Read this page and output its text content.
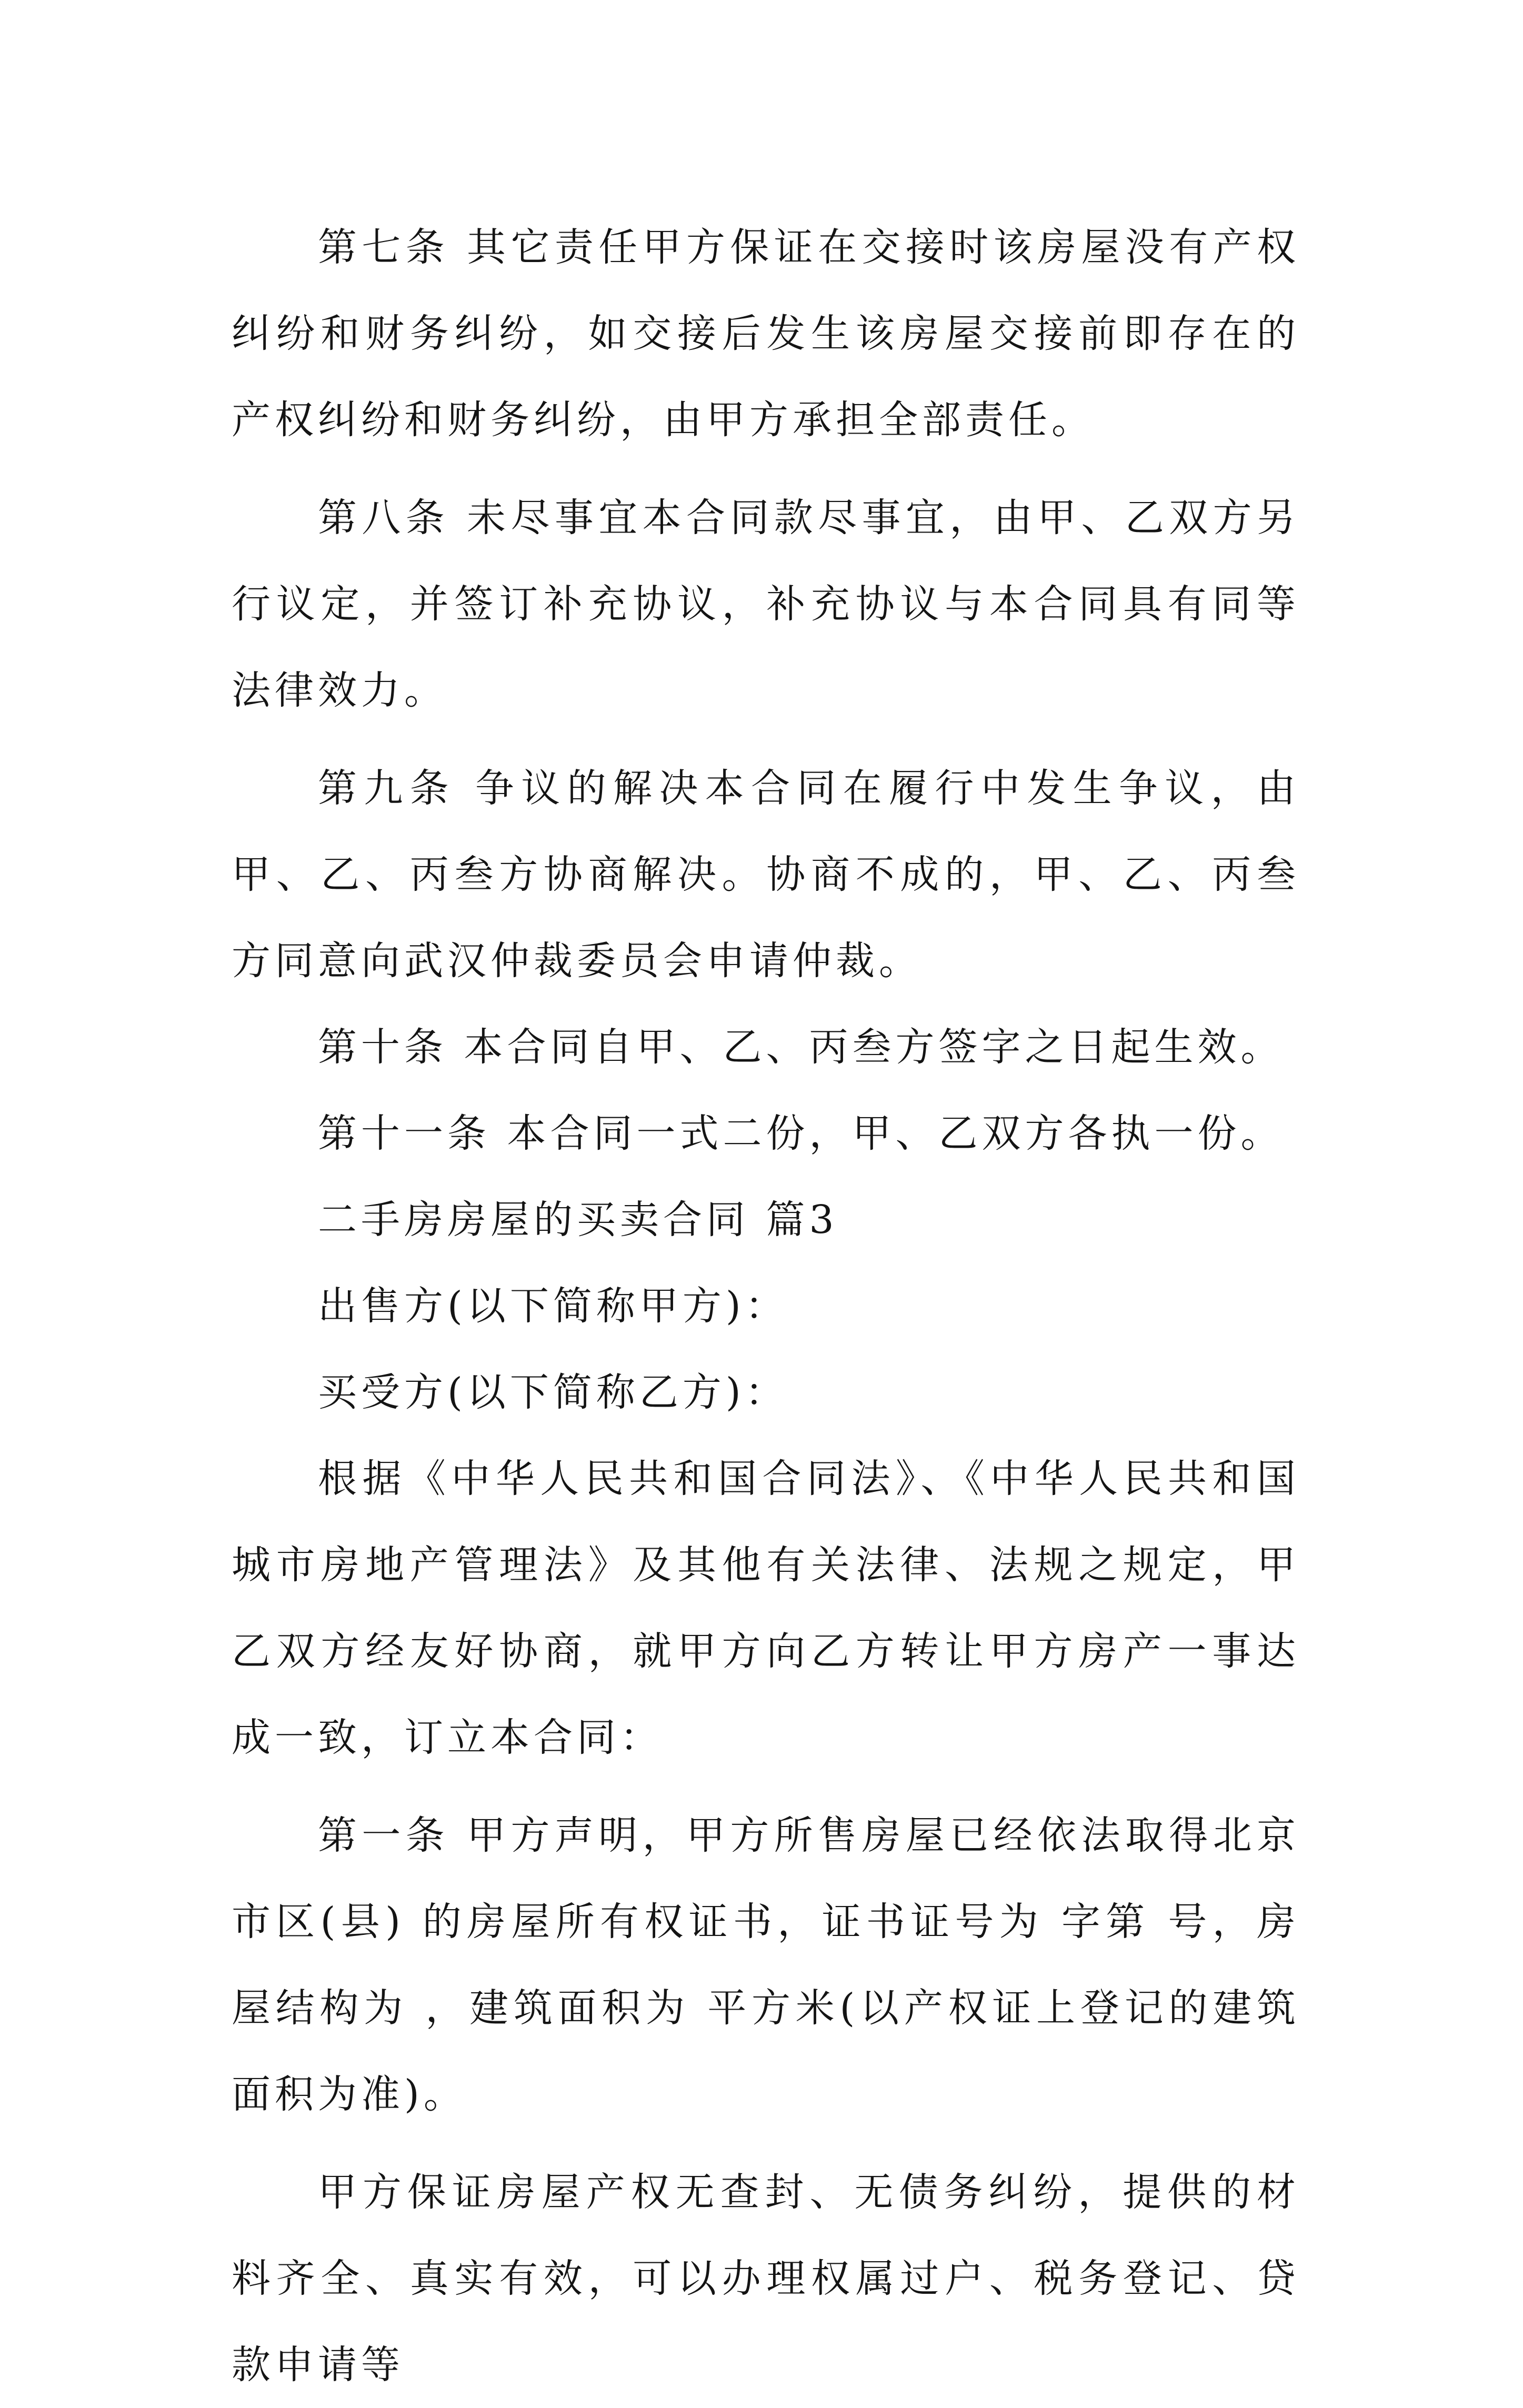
第七条 其它责任甲方保证在交接时该房屋没有产权纠纷和财务纠纷，如交接后发生该房屋交接前即存在的产权纠纷和财务纠纷，由甲方承担全部责任。

第八条 未尽事宜本合同款尽事宜，由甲、乙双方另行议定，并签订补充协议，补充协议与本合同具有同等法律效力。

第九条 争议的解决本合同在履行中发生争议，由甲、乙、丙叁方协商解决。协商不成的，甲、乙、丙叁方同意向武汉仲裁委员会申请仲裁。

第十条 本合同自甲、乙、丙叁方签字之日起生效。

第十一条 本合同一式二份，甲、乙双方各执一份。

二手房房屋的买卖合同 篇3

出售方(以下简称甲方)：

买受方(以下简称乙方)：

根据《中华人民共和国合同法》、《中华人民共和国城市房地产管理法》及其他有关法律、法规之规定，甲乙双方经友好协商，就甲方向乙方转让甲方房产一事达成一致，订立本合同：

第一条 甲方声明，甲方所售房屋已经依法取得北京市区(县) 的房屋所有权证书，证书证号为 字第 号，房屋结构为 ，建筑面积为 平方米(以产权证上登记的建筑面积为准)。

甲方保证房屋产权无查封、无债务纠纷，提供的材料齐全、真实有效，可以办理权属过户、税务登记、贷款申请等
